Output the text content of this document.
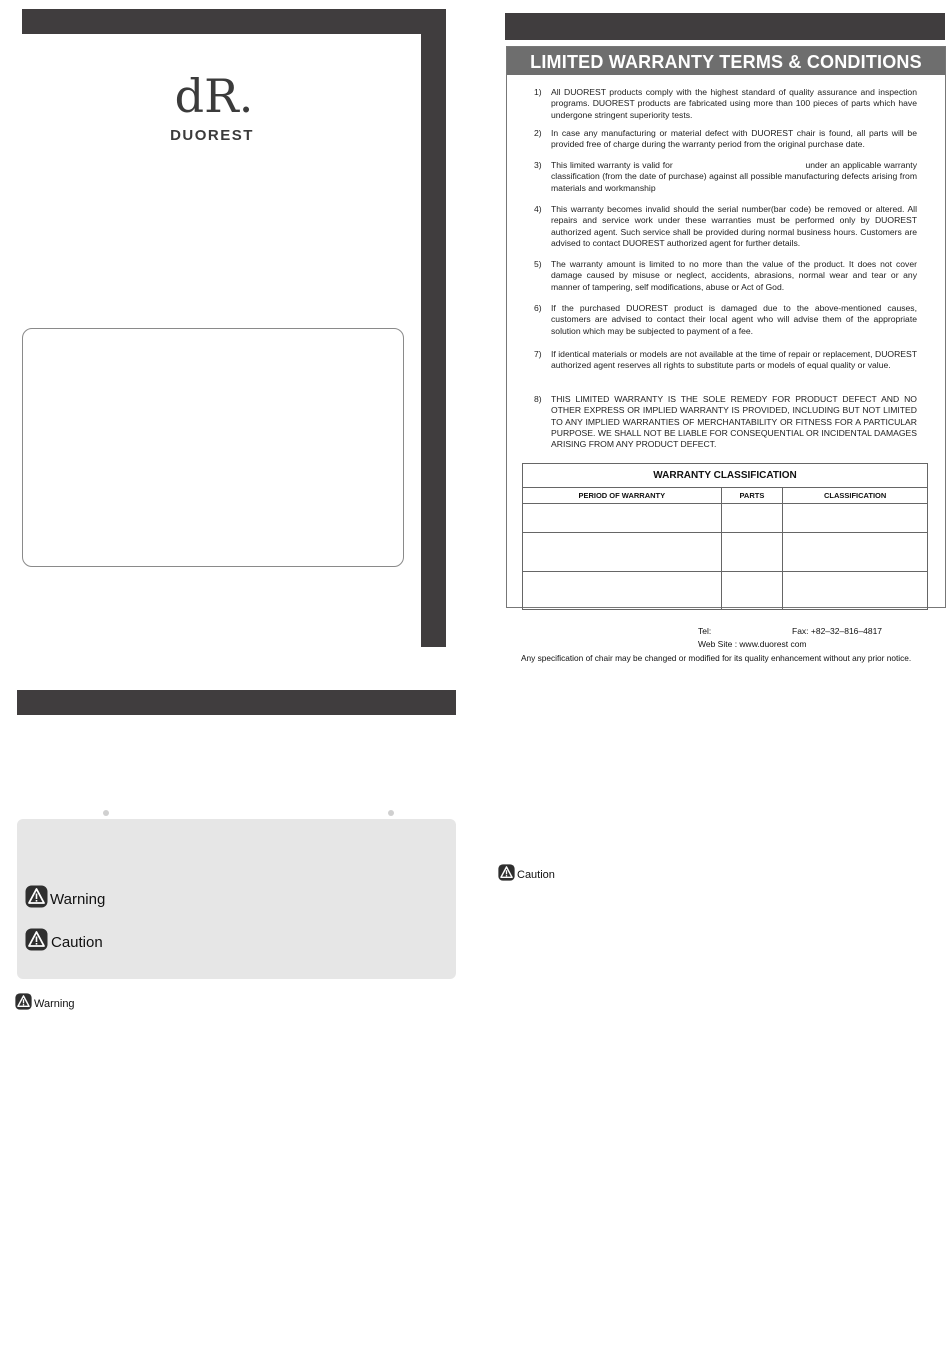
dR.
DUOREST
Warning
Caution
Warning
LIMITED WARRANTY TERMS & CONDITIONS
1) All DUOREST products comply with the highest standard of quality assurance and inspection programs. DUOREST products are fabricated using more than 100 pieces of parts which have undergone stringent superiority tests.
2) In case any manufacturing or material defect with DUOREST chair is found, all parts will be provided free of charge during the warranty period from the original purchase date.
3) This limited warranty is valid for                                                under an applicable warranty classification (from the date of purchase) against all possible manufacturing defects arising from materials and workmanship
4) This warranty becomes invalid should the serial number(bar code) be removed or altered. All repairs and service work under these warranties must be performed only by DUOREST authorized agent. Such service shall be provided during normal business hours. Customers are advised to contact DUOREST authorized agent for further details.
5) The warranty amount is limited to no more than the value of the product. It does not cover damage caused by misuse or neglect, accidents, abrasions, normal wear and tear or any manner of tampering, self modifications, abuse or Act of God.
6) If the purchased DUOREST product is damaged due to the above-mentioned causes, customers are advised to contact their local agent who will advise them of the appropriate solution which may be subjected to payment of a fee.
7) If identical materials or models are not available at the time of repair or replacement, DUOREST authorized agent reserves all rights to substitute parts or models of equal quality or value.
8) THIS LIMITED WARRANTY IS THE SOLE REMEDY FOR PRODUCT DEFECT AND NO OTHER EXPRESS OR IMPLIED WARRANTY IS PROVIDED, INCLUDING BUT NOT LIMITED TO ANY IMPLIED WARRANTIES OF MERCHANTABILITY OR FITNESS FOR A PARTICULAR PURPOSE. WE SHALL NOT BE LIABLE FOR CONSEQUENTIAL OR INCIDENTAL DAMAGES ARISING FROM ANY PRODUCT DEFECT.
WARRANTY CLASSIFICATION		
PERIOD OF WARRANTY	PARTS	CLASSIFICATION

Tel:	Fax: +82–32–816–4817
Web Site : www.duorest com
Any specification of chair may be changed or modified for its quality enhancement without any prior notice.
Caution
